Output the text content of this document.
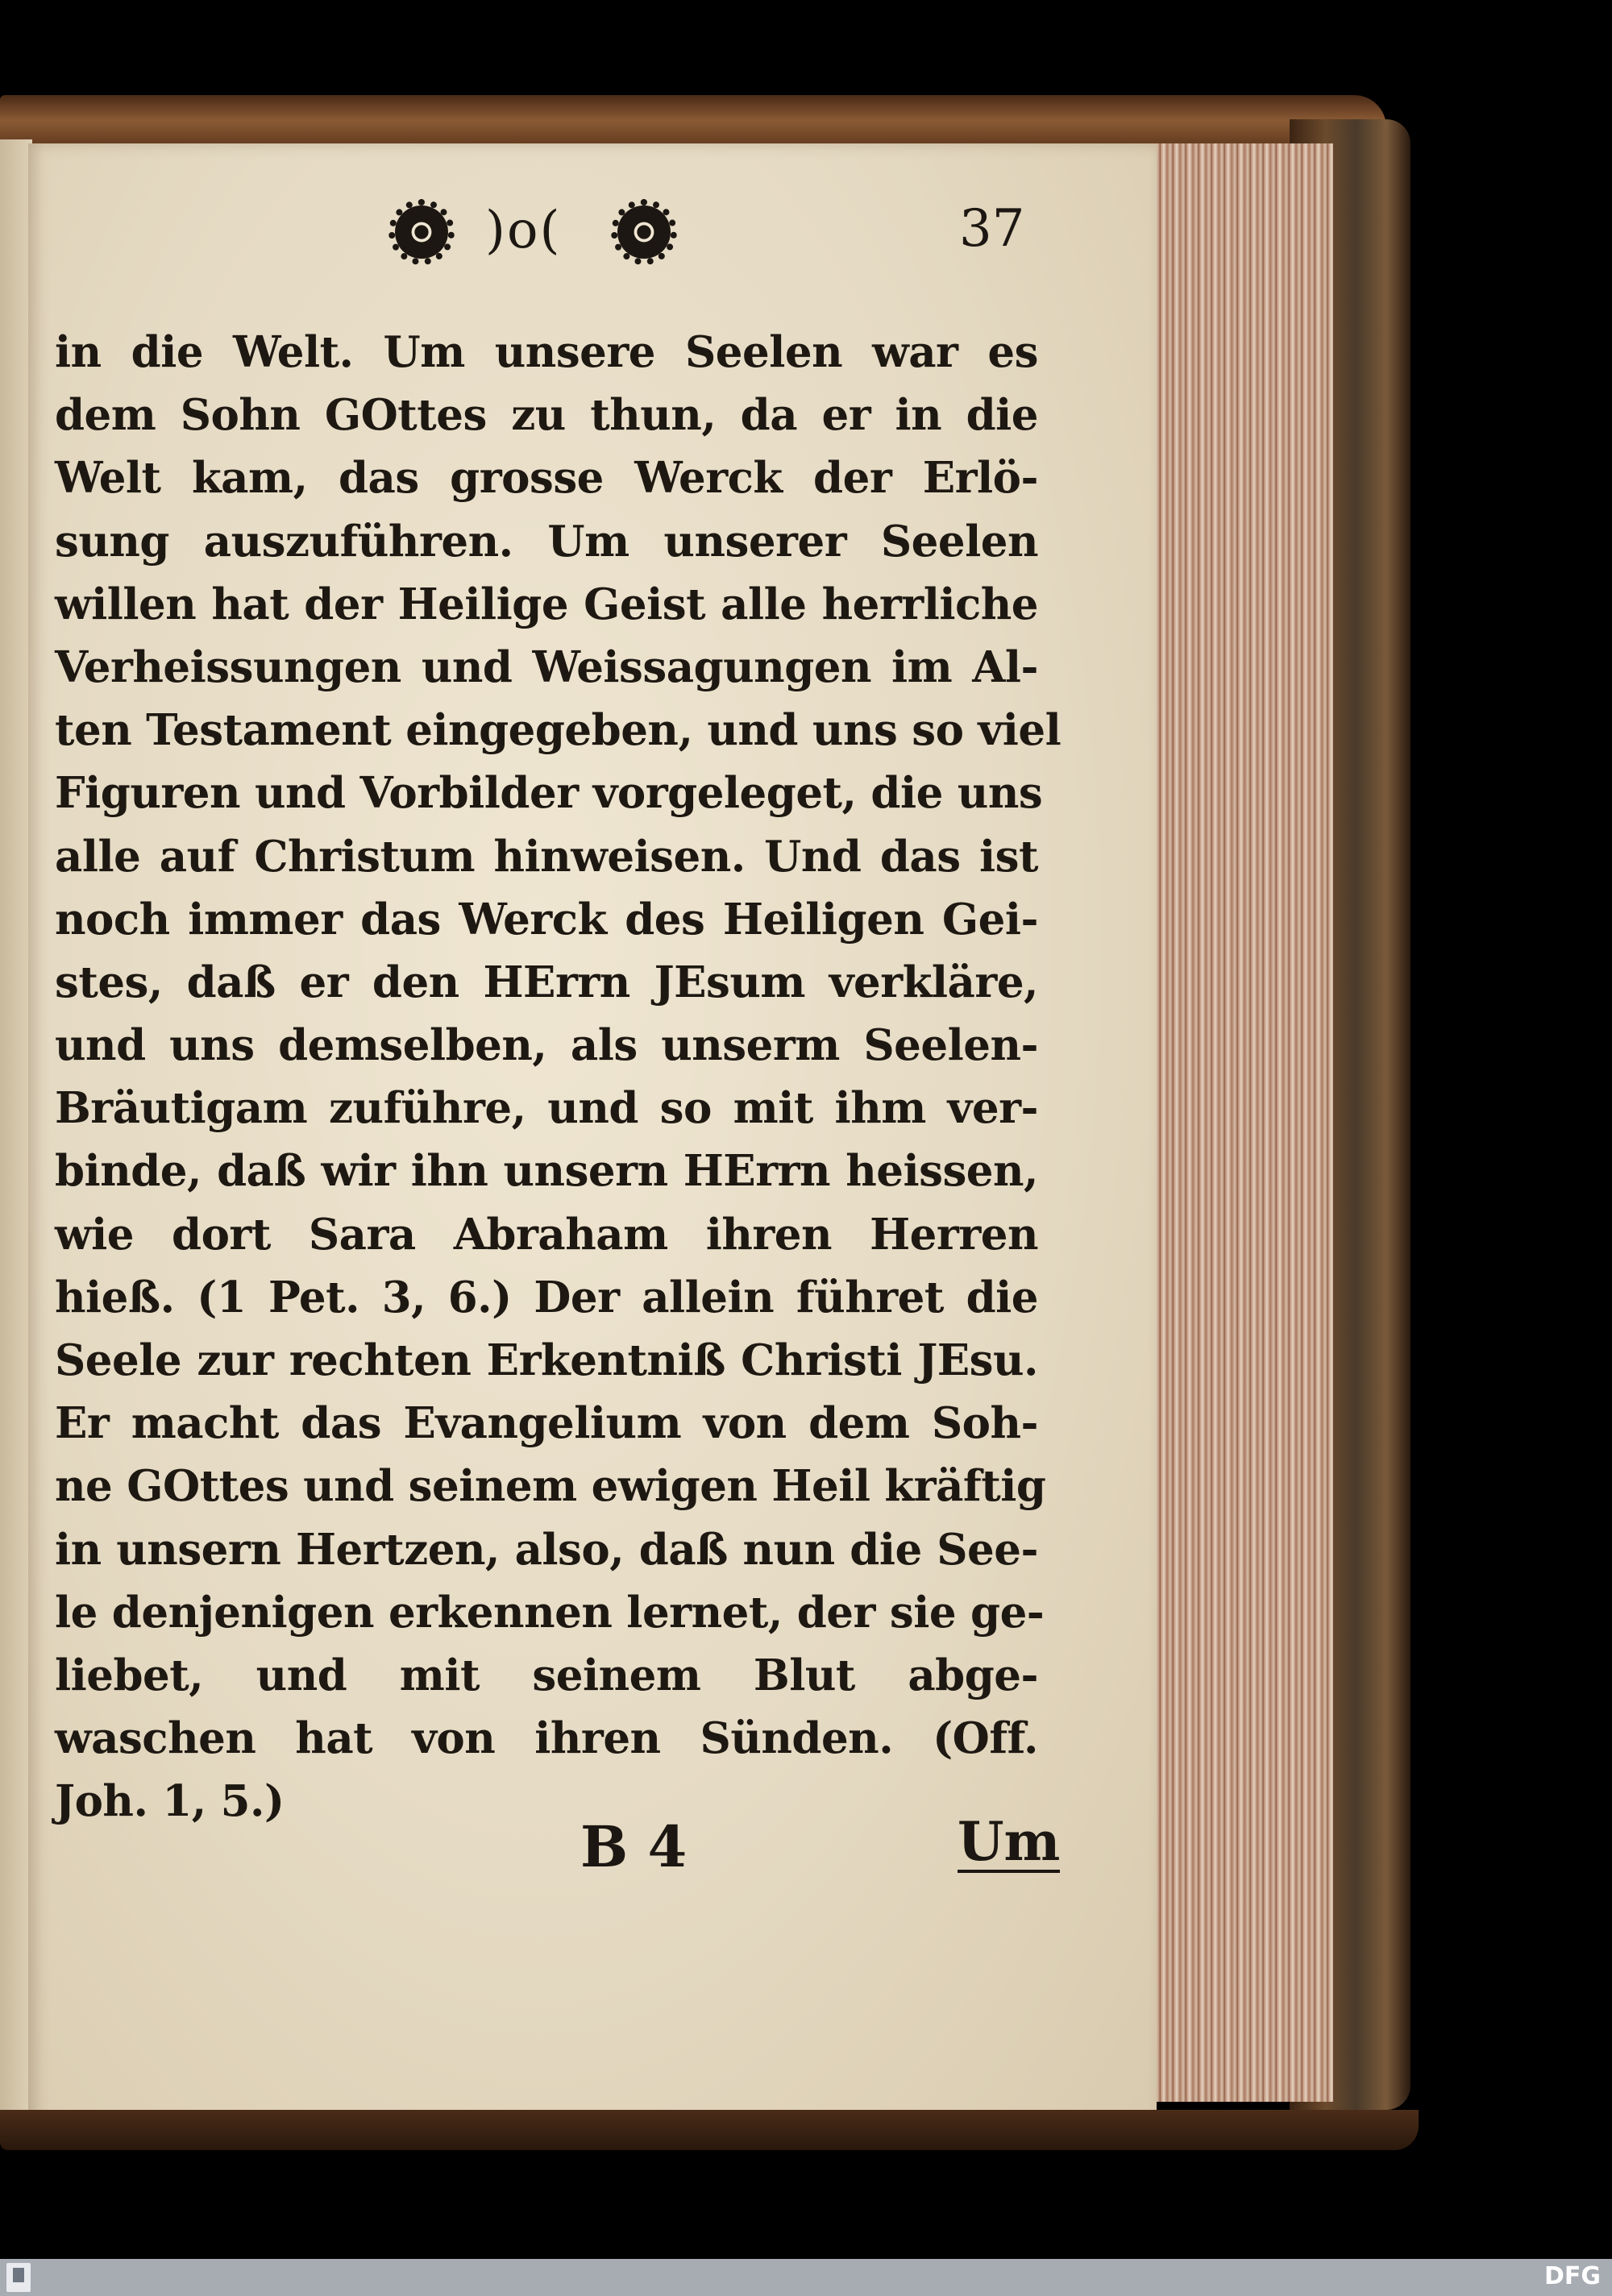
)o(	37
in die Welt. Um unsere Seelen war es
dem Sohn GOttes zu thun, da er in die
Welt kam, das grosse Werck der Erlö-
sung auszuführen. Um unserer Seelen
willen hat der Heilige Geist alle herrliche
Verheissungen und Weissagungen im Al-
ten Testament eingegeben, und uns so viel
Figuren und Vorbilder vorgeleget, die uns
alle auf Christum hinweisen. Und das ist
noch immer das Werck des Heiligen Gei-
stes, daß er den HErrn JEsum verkläre,
und uns demselben, als unserm Seelen-
Bräutigam zuführe, und so mit ihm ver-
binde, daß wir ihn unsern HErrn heissen,
wie dort Sara Abraham ihren Herren
hieß. (1 Pet. 3, 6.) Der allein führet die
Seele zur rechten Erkentniß Christi JEsu.
Er macht das Evangelium von dem Soh-
ne GOttes und seinem ewigen Heil kräftig
in unsern Hertzen, also, daß nun die See-
le denjenigen erkennen lernet, der sie ge-
liebet, und mit seinem Blut abge-
waschen hat von ihren Sünden. (Off.
Joh. 1, 5.)
B 4	Um
DFG
